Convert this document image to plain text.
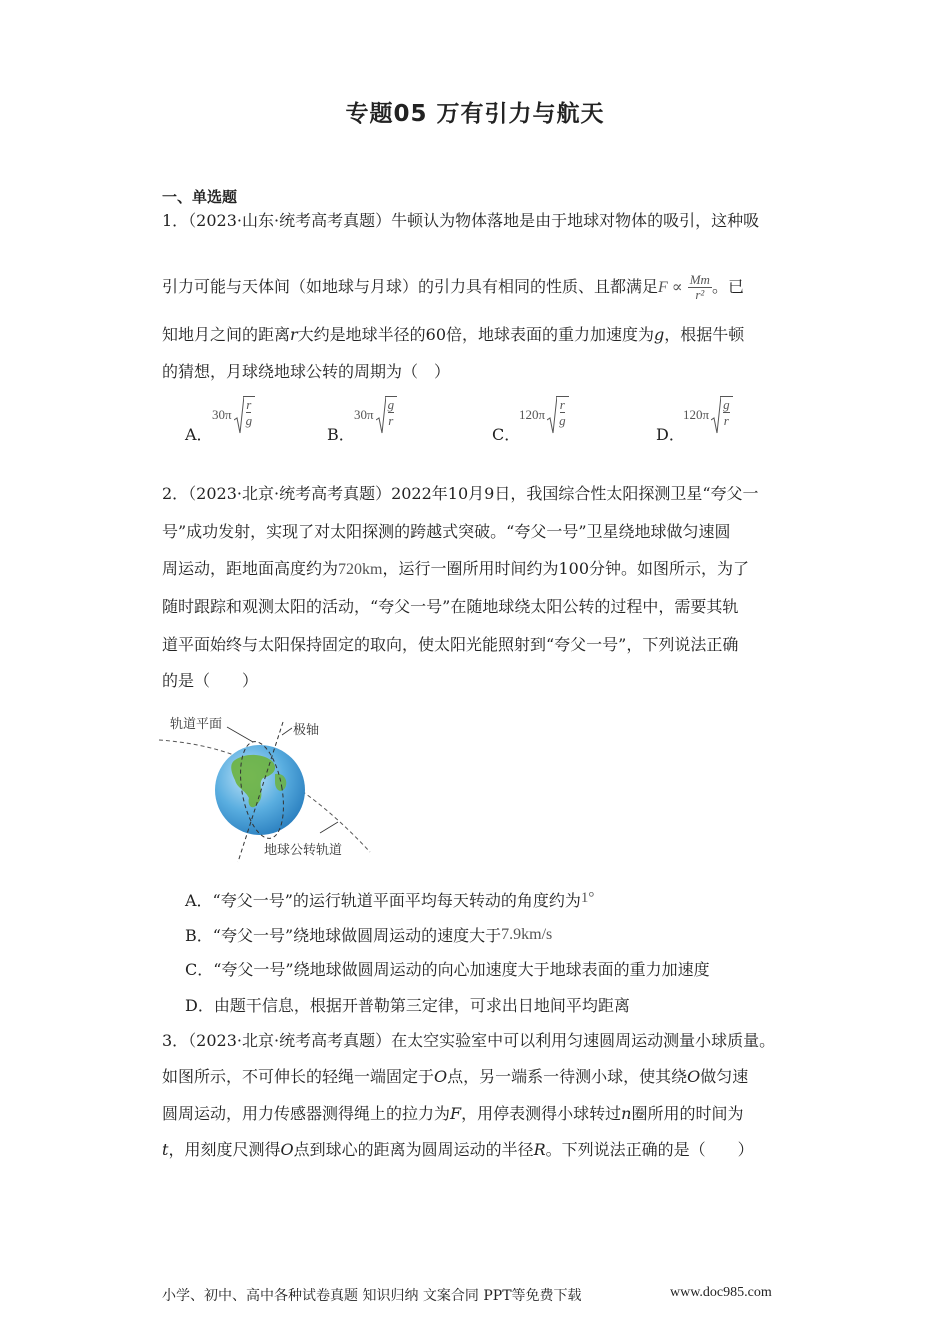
专题05 万有引力与航天
一、单选题
1．（2023·山东·统考高考真题）牛顿认为物体落地是由于地球对物体的吸引，这种吸
引力可能与天体间（如地球与月球）的引力具有相同的性质、且都满足$F \propto \frac{Mm}{\text{r²}}$ 。已
知地月之间的距离r大约是地球半径的60倍，地球表面的重力加速度为g，根据牛顿
的猜想，月球绕地球公转的周期为（　）
A．
$30\pi \frac{r}{g}$
B．
$30\pi \frac{g}{r}$
C．
$120\pi \frac{r}{g}$
D．
$120\pi \frac{g}{r}$
2．（2023·北京·统考高考真题）2022年10月9日，我国综合性太阳探测卫星“夸父一
号”成功发射，实现了对太阳探测的跨越式突破。“夸父一号”卫星绕地球做匀速圆
周运动，距地面高度约为720km，运行一圈所用时间约为100分钟。如图所示，为了
随时跟踪和观测太阳的活动，“夸父一号”在随地球绕太阳公转的过程中，需要其轨
道平面始终与太阳保持固定的取向，使太阳光能照射到“夸父一号”，下列说法正确
的是（　　）
轨道平面	极轴
地球公转轨道
A．“夸父一号”的运行轨道平面平均每天转动的角度约为1°
B．“夸父一号”绕地球做圆周运动的速度大于7.9km/s
C．“夸父一号”绕地球做圆周运动的向心加速度大于地球表面的重力加速度
D．由题干信息，根据开普勒第三定律，可求出日地间平均距离
3．（2023·北京·统考高考真题）在太空实验室中可以利用匀速圆周运动测量小球质量。
如图所示，不可伸长的轻绳一端固定于O点，另一端系一待测小球，使其绕O做匀速
圆周运动，用力传感器测得绳上的拉力为F，用停表测得小球转过n圈所用的时间为
t，用刻度尺测得O点到球心的距离为圆周运动的半径R。下列说法正确的是（　　）
小学、初中、高中各种试卷真题 知识归纳 文案合同 PPT等免费下载	www.doc985.com
